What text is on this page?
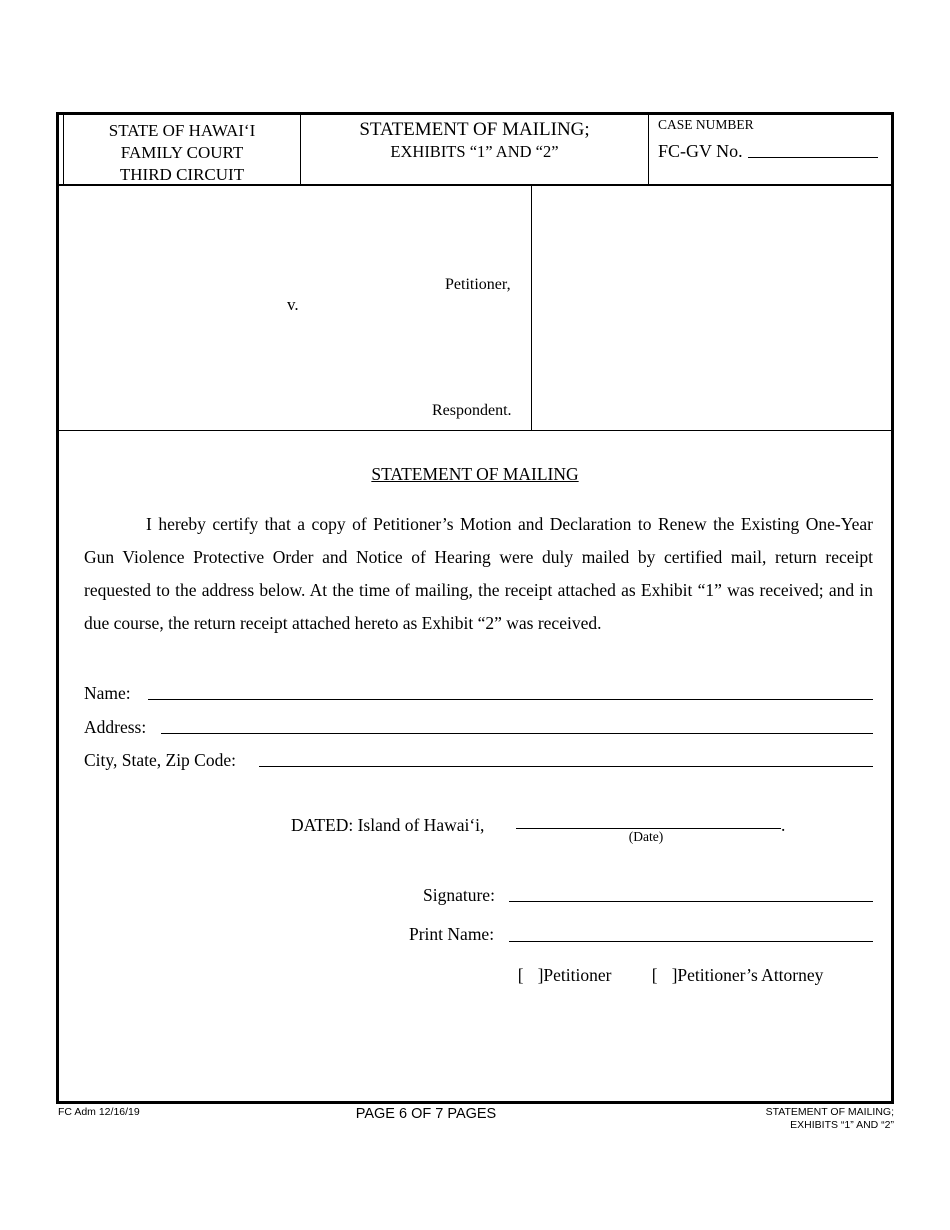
STATE OF HAWAI‘I
FAMILY COURT
THIRD CIRCUIT
STATEMENT OF MAILING;
EXHIBITS “1” AND “2”
CASE NUMBER
FC-GV No.
Petitioner,
v.
Respondent.
STATEMENT OF MAILING

I hereby certify that a copy of Petitioner’s Motion and Declaration to Renew the Existing One-Year Gun Violence Protective Order and Notice of Hearing were duly mailed by certified mail, return receipt requested to the address below. At the time of mailing, the receipt attached as Exhibit “1” was received; and in due course, the return receipt attached hereto as Exhibit “2” was received.

Name:
Address:
City, State, Zip Code:
DATED: Island of Hawai‘i,	.
(Date)
Signature:
Print Name:

[ ]Petitioner	[ ]Petitioner’s Attorney

FC Adm 12/16/19	PAGE 6 OF 7 PAGES	STATEMENT OF MAILING;
EXHIBITS “1” AND “2”
